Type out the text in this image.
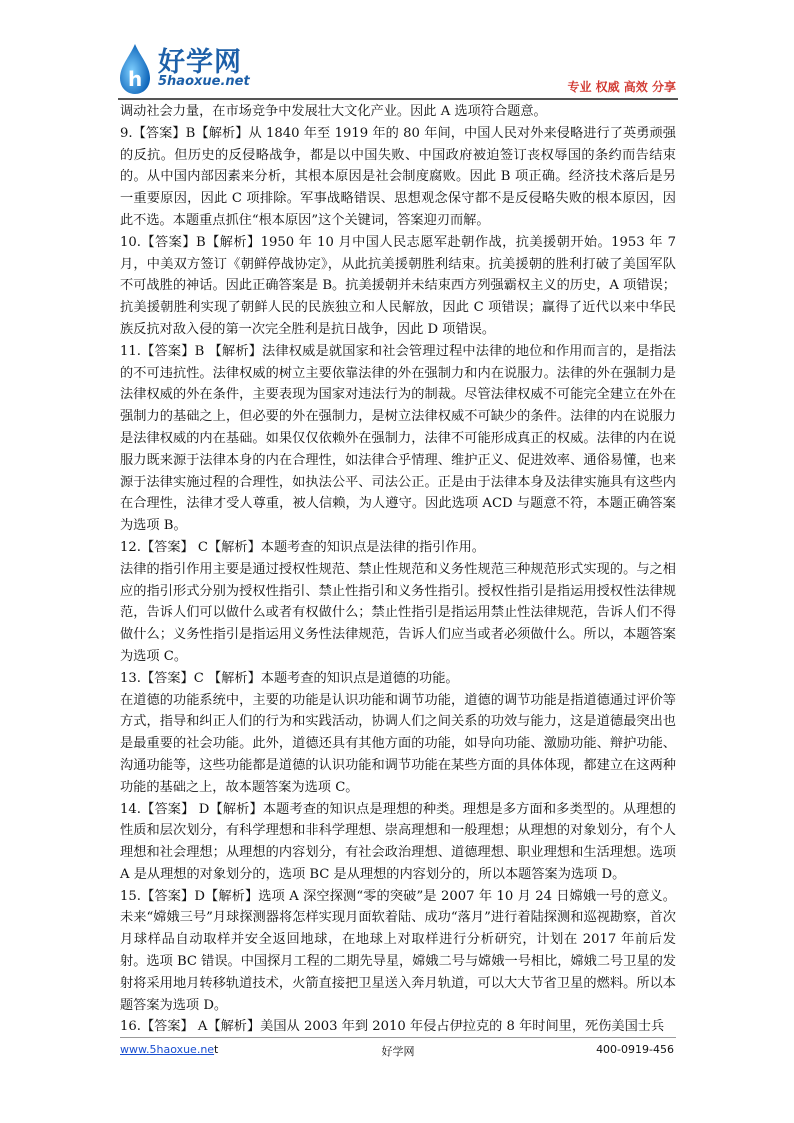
h
好学网
5haoxue.net	专业 权威 高效 分享

调动社会力量，在市场竞争中发展壮大文化产业。因此 A 选项符合题意。

9.【答案】B【解析】从 1840 年至 1919 年的 80 年间，中国人民对外来侵略进行了英勇顽强的反抗。但历史的反侵略战争，都是以中国失败、中国政府被迫签订丧权辱国的条约而告结束的。从中国内部因素来分析，其根本原因是社会制度腐败。因此 B 项正确。经济技术落后是另一重要原因，因此 C 项排除。军事战略错误、思想观念保守都不是反侵略失败的根本原因，因此不选。本题重点抓住“根本原因”这个关键词，答案迎刃而解。

10.【答案】B【解析】1950 年 10 月中国人民志愿军赴朝作战，抗美援朝开始。1953 年 7 月，中美双方签订《朝鲜停战协定》，从此抗美援朝胜利结束。抗美援朝的胜利打破了美国军队不可战胜的神话。因此正确答案是 B。抗美援朝并未结束西方列强霸权主义的历史，A 项错误；抗美援朝胜利实现了朝鲜人民的民族独立和人民解放，因此 C 项错误；赢得了近代以来中华民族反抗对敌入侵的第一次完全胜利是抗日战争，因此 D 项错误。

11.【答案】B 【解析】法律权威是就国家和社会管理过程中法律的地位和作用而言的，是指法的不可违抗性。法律权威的树立主要依靠法律的外在强制力和内在说服力。法律的外在强制力是法律权威的外在条件，主要表现为国家对违法行为的制裁。尽管法律权威不可能完全建立在外在强制力的基础之上，但必要的外在强制力，是树立法律权威不可缺少的条件。法律的内在说服力是法律权威的内在基础。如果仅仅依赖外在强制力，法律不可能形成真正的权威。法律的内在说服力既来源于法律本身的内在合理性，如法律合乎情理、维护正义、促进效率、通俗易懂，也来源于法律实施过程的合理性，如执法公平、司法公正。正是由于法律本身及法律实施具有这些内在合理性，法律才受人尊重，被人信赖，为人遵守。因此选项 ACD 与题意不符，本题正确答案为选项 B。

12.【答案】 C【解析】本题考查的知识点是法律的指引作用。

法律的指引作用主要是通过授权性规范、禁止性规范和义务性规范三种规范形式实现的。与之相应的指引形式分别为授权性指引、禁止性指引和义务性指引。授权性指引是指运用授权性法律规范，告诉人们可以做什么或者有权做什么；禁止性指引是指运用禁止性法律规范，告诉人们不得做什么；义务性指引是指运用义务性法律规范，告诉人们应当或者必须做什么。所以，本题答案为选项 C。

13.【答案】C 【解析】本题考查的知识点是道德的功能。

在道德的功能系统中，主要的功能是认识功能和调节功能，道德的调节功能是指道德通过评价等方式，指导和纠正人们的行为和实践活动，协调人们之间关系的功效与能力，这是道德最突出也是最重要的社会功能。此外，道德还具有其他方面的功能，如导向功能、激励功能、辩护功能、沟通功能等，这些功能都是道德的认识功能和调节功能在某些方面的具体体现，都建立在这两种功能的基础之上，故本题答案为选项 C。

14.【答案】 D【解析】本题考查的知识点是理想的种类。理想是多方面和多类型的。从理想的性质和层次划分，有科学理想和非科学理想、崇高理想和一般理想；从理想的对象划分，有个人理想和社会理想；从理想的内容划分，有社会政治理想、道德理想、职业理想和生活理想。选项 A 是从理想的对象划分的，选项 BC 是从理想的内容划分的，所以本题答案为选项 D。

15.【答案】D【解析】选项 A 深空探测“零的突破”是 2007 年 10 月 24 日嫦娥一号的意义。未来“嫦娥三号”月球探测器将怎样实现月面软着陆、成功“落月”进行着陆探测和巡视勘察，首次月球样品自动取样并安全返回地球，在地球上对取样进行分析研究，计划在 2017 年前后发射。选项 BC 错误。中国探月工程的二期先导星，嫦娥二号与嫦娥一号相比，嫦娥二号卫星的发射将采用地月转移轨道技术，火箭直接把卫星送入奔月轨道，可以大大节省卫星的燃料。所以本题答案为选项 D。

16.【答案】 A【解析】美国从 2003 年到 2010 年侵占伊拉克的 8 年时间里，死伤美国士兵

www.5haoxue.ne t	好学网	400-0919-456
